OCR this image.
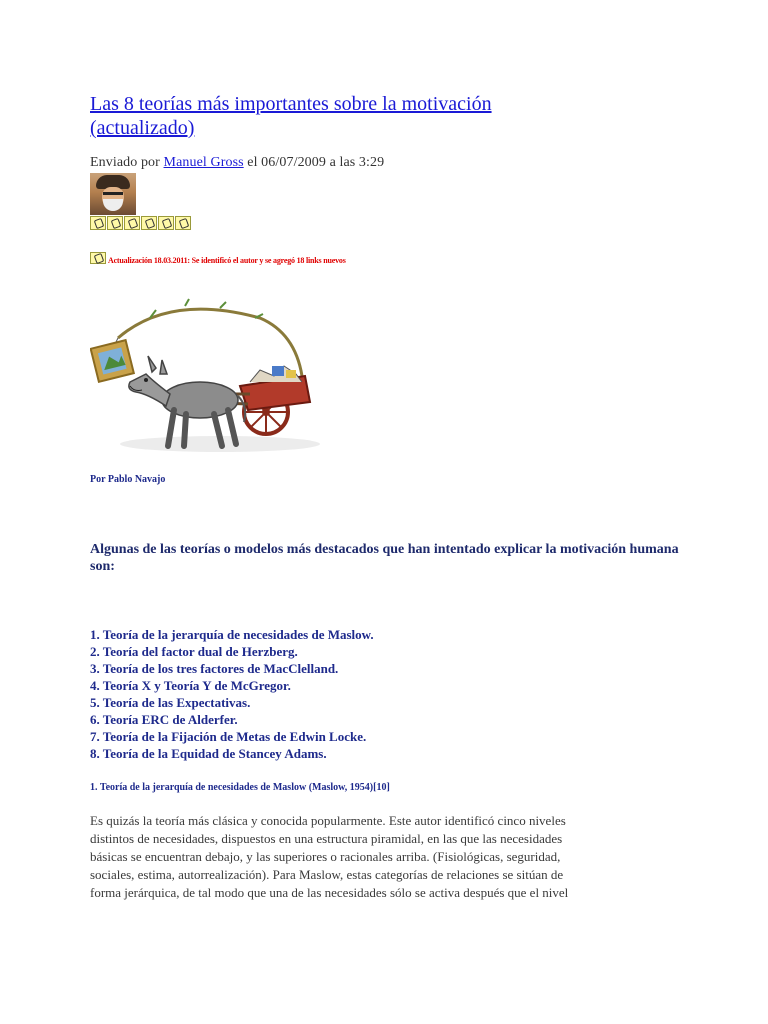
Las 8 teorías más importantes sobre la motivación
(actualizado)
Enviado por Manuel Gross el 06/07/2009 a las 3:29
Actualización 18.03.2011: Se identificó el autor y se agregó 18 links nuevos
Por Pablo Navajo
Algunas de las teorías o modelos más destacados que han intentado explicar la motivación humana son:
1. Teoría de la jerarquía de necesidades de Maslow.
2. Teoría del factor dual de Herzberg.
3. Teoría de los tres factores de MacClelland.
4. Teoría X y Teoría Y de McGregor.
5. Teoría de las Expectativas.
6. Teoría ERC de Alderfer.
7. Teoría de la Fijación de Metas de Edwin Locke.
8. Teoría de la Equidad de Stancey Adams.
1. Teoría de la jerarquía de necesidades de Maslow (Maslow, 1954)[10]
Es quizás la teoría más clásica y conocida popularmente. Este autor identificó cinco niveles
distintos de necesidades, dispuestos en una estructura piramidal, en las que las necesidades
básicas se encuentran debajo, y las superiores o racionales arriba. (Fisiológicas, seguridad,
sociales, estima, autorrealización). Para Maslow, estas categorías de relaciones se sitúan de
forma jerárquica, de tal modo que una de las necesidades sólo se activa después que el nivel
